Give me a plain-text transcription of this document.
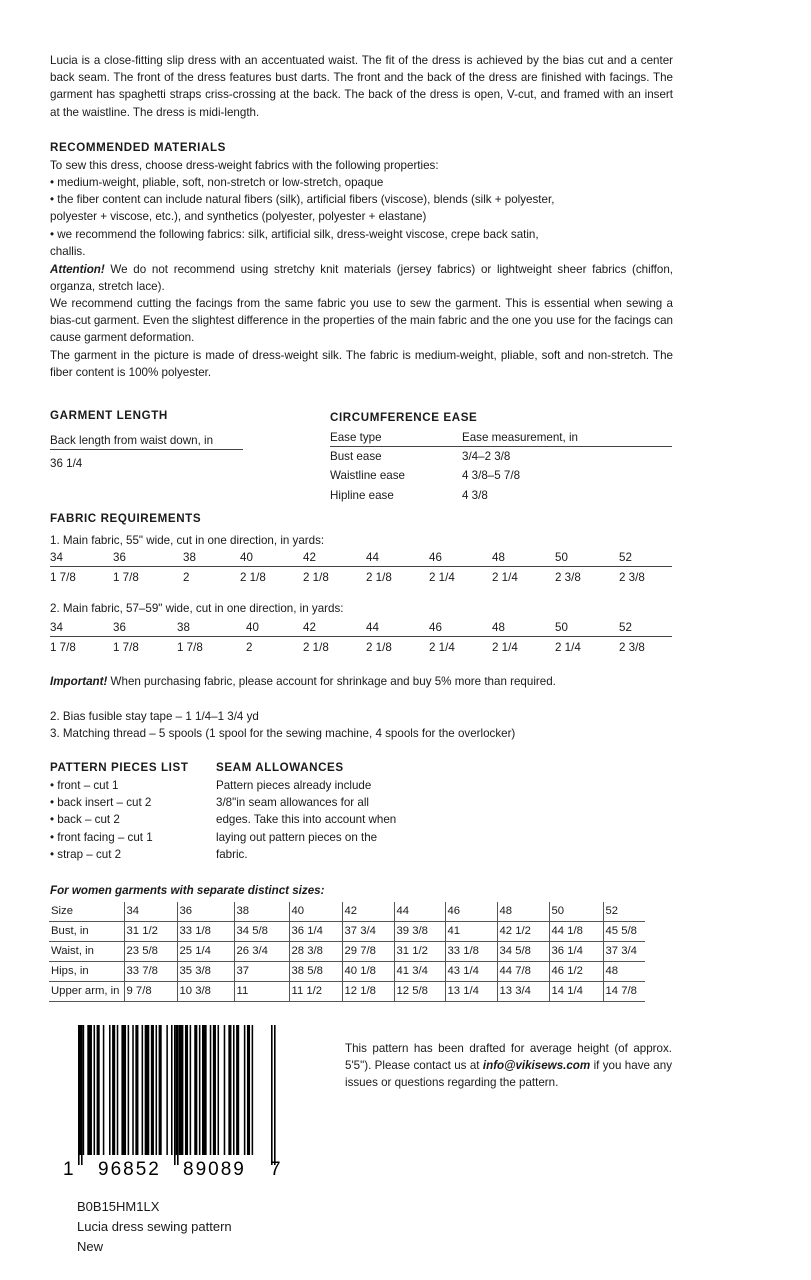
Lucia is a close-fitting slip dress with an accentuated waist. The fit of the dress is achieved by the bias cut and a center back seam. The front of the dress features bust darts. The front and the back of the dress are finished with facings. The garment has spaghetti straps criss-crossing at the back. The back of the dress is open, V-cut, and framed with an insert at the waistline. The dress is midi-length.

RECOMMENDED MATERIALS
To sew this dress, choose dress-weight fabrics with the following properties:
• medium-weight, pliable, soft, non-stretch or low-stretch, opaque
• the fiber content can include natural fibers (silk), artificial fibers (viscose), blends (silk + polyester,
polyester + viscose, etc.), and synthetics (polyester, polyester + elastane)
• we recommend the following fabrics: silk, artificial silk, dress-weight viscose, crepe back satin,
challis.

Attention! We do not recommend using stretchy knit materials (jersey fabrics) or lightweight sheer fabrics (chiffon, organza, stretch lace).

We recommend cutting the facings from the same fabric you use to sew the garment. This is essential when sewing a bias-cut garment. Even the slightest difference in the properties of the main fabric and the one you use for the facings can cause garment deformation.

The garment in the picture is made of dress-weight silk. The fabric is medium-weight, pliable, soft and non-stretch. The fiber content is 100% polyester.

GARMENT LENGTH
Back length from waist down, in
36 1/4
CIRCUMFERENCE EASE
Ease type	Ease measurement, in
Bust ease	3/4–2 3/8
Waistline ease	4 3/8–5 7/8
Hipline ease	4 3/8
FABRIC REQUIREMENTS
1. Main fabric, 55" wide, cut in one direction, in yards:
34	36	38	40	42	44	46	48	50	52
1 7/8	1 7/8	2	2 1/8	2 1/8	2 1/8	2 1/4	2 1/4	2 3/8	2 3/8
2. Main fabric, 57–59" wide, cut in one direction, in yards:
34	36	38	40	42	44	46	48	50	52
1 7/8	1 7/8	1 7/8	2	2 1/8	2 1/8	2 1/4	2 1/4	2 1/4	2 3/8
Important! When purchasing fabric, please account for shrinkage and buy 5% more than required.
2. Bias fusible stay tape – 1 1/4–1 3/4 yd
3. Matching thread – 5 spools (1 spool for the sewing machine, 4 spools for the overlocker)
PATTERN PIECES LIST
• front – cut 1
• back insert – cut 2
• back – cut 2
• front facing – cut 1
• strap – cut 2
SEAM ALLOWANCES
Pattern pieces already include
3/8"in seam allowances for all
edges. Take this into account when
laying out pattern pieces on the
fabric.
For women garments with separate distinct sizes:
Size	34	36	38	40	42	44	46	48	50	52
Bust, in	31 1/2	33 1/8	34 5/8	36 1/4	37 3/4	39 3/8	41	42 1/2	44 1/8	45 5/8
Waist, in	23 5/8	25 1/4	26 3/4	28 3/8	29 7/8	31 1/2	33 1/8	34 5/8	36 1/4	37 3/4
Hips, in	33 7/8	35 3/8	37	38 5/8	40 1/8	41 3/4	43 1/4	44 7/8	46 1/2	48
Upper arm, in	9 7/8	10 3/8	11	11 1/2	12 1/8	12 5/8	13 1/4	13 3/4	14 1/4	14 7/8
1 96852 89089 7

This pattern has been drafted for average height (of approx. 5'5"). Please contact us at info@vikisews.com if you have any issues or questions regarding the pattern.

B0B15HM1LX
Lucia dress sewing pattern
New
